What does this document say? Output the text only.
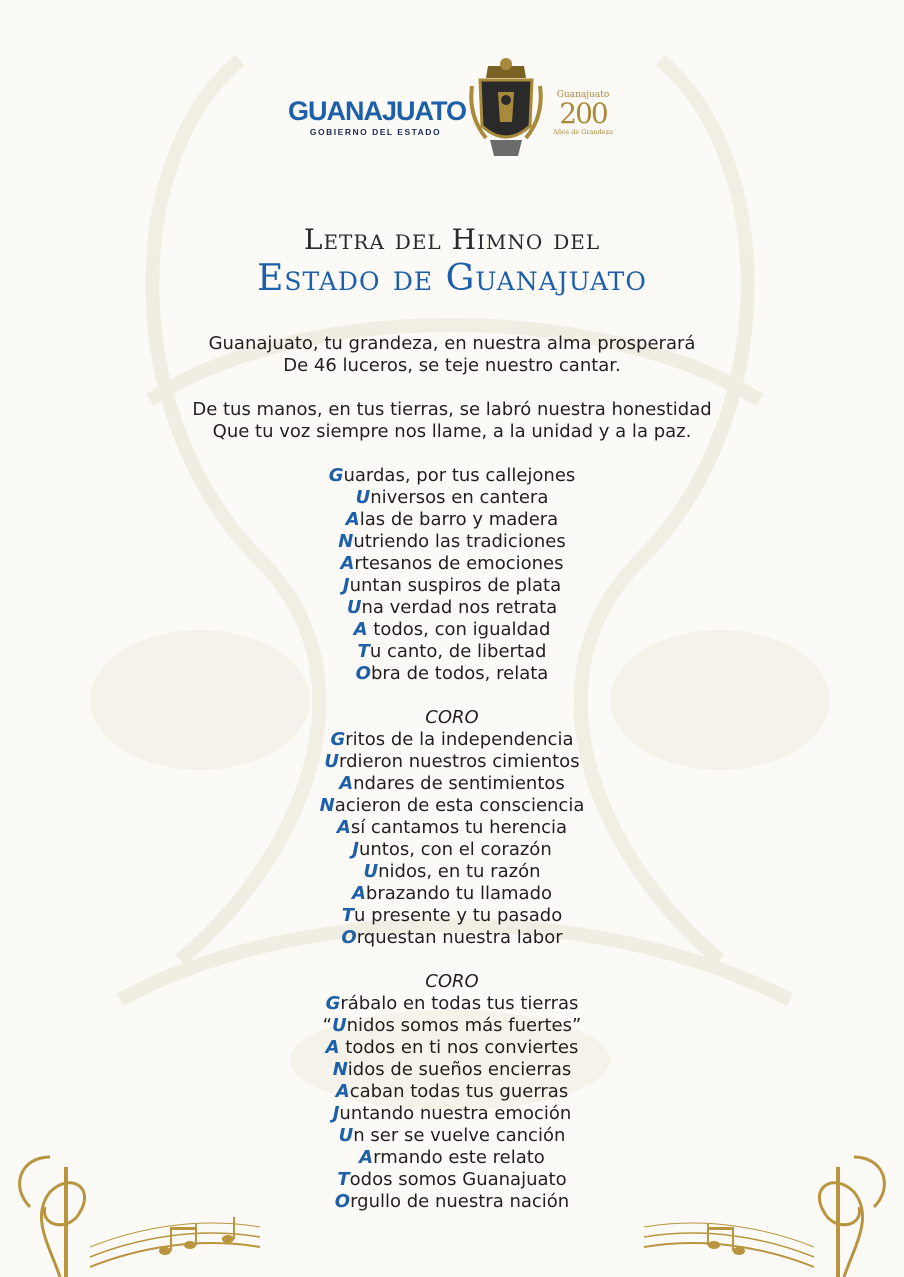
GUANAJUATO
GOBIERNO DEL ESTADO
Guanajuato
200
Años de Grandeza
Letra del Himno del
Estado de Guanajuato
Guanajuato, tu grandeza, en nuestra alma prosperará
De 46 luceros, se teje nuestro cantar.
De tus manos, en tus tierras, se labró nuestra honestidad
Que tu voz siempre nos llame, a la unidad y a la paz.
Guardas, por tus callejones
Universos en cantera
Alas de barro y madera
Nutriendo las tradiciones
Artesanos de emociones
Juntan suspiros de plata
Una verdad nos retrata
A todos, con igualdad
Tu canto, de libertad
Obra de todos, relata
CORO
Gritos de la independencia
Urdieron nuestros cimientos
Andares de sentimientos
Nacieron de esta consciencia
Así cantamos tu herencia
Juntos, con el corazón
Unidos, en tu razón
Abrazando tu llamado
Tu presente y tu pasado
Orquestan nuestra labor
CORO
Grábalo en todas tus tierras
“Unidos somos más fuertes”
A todos en ti nos conviertes
Nidos de sueños encierras
Acaban todas tus guerras
Juntando nuestra emoción
Un ser se vuelve canción
Armando este relato
Todos somos Guanajuato
Orgullo de nuestra nación
